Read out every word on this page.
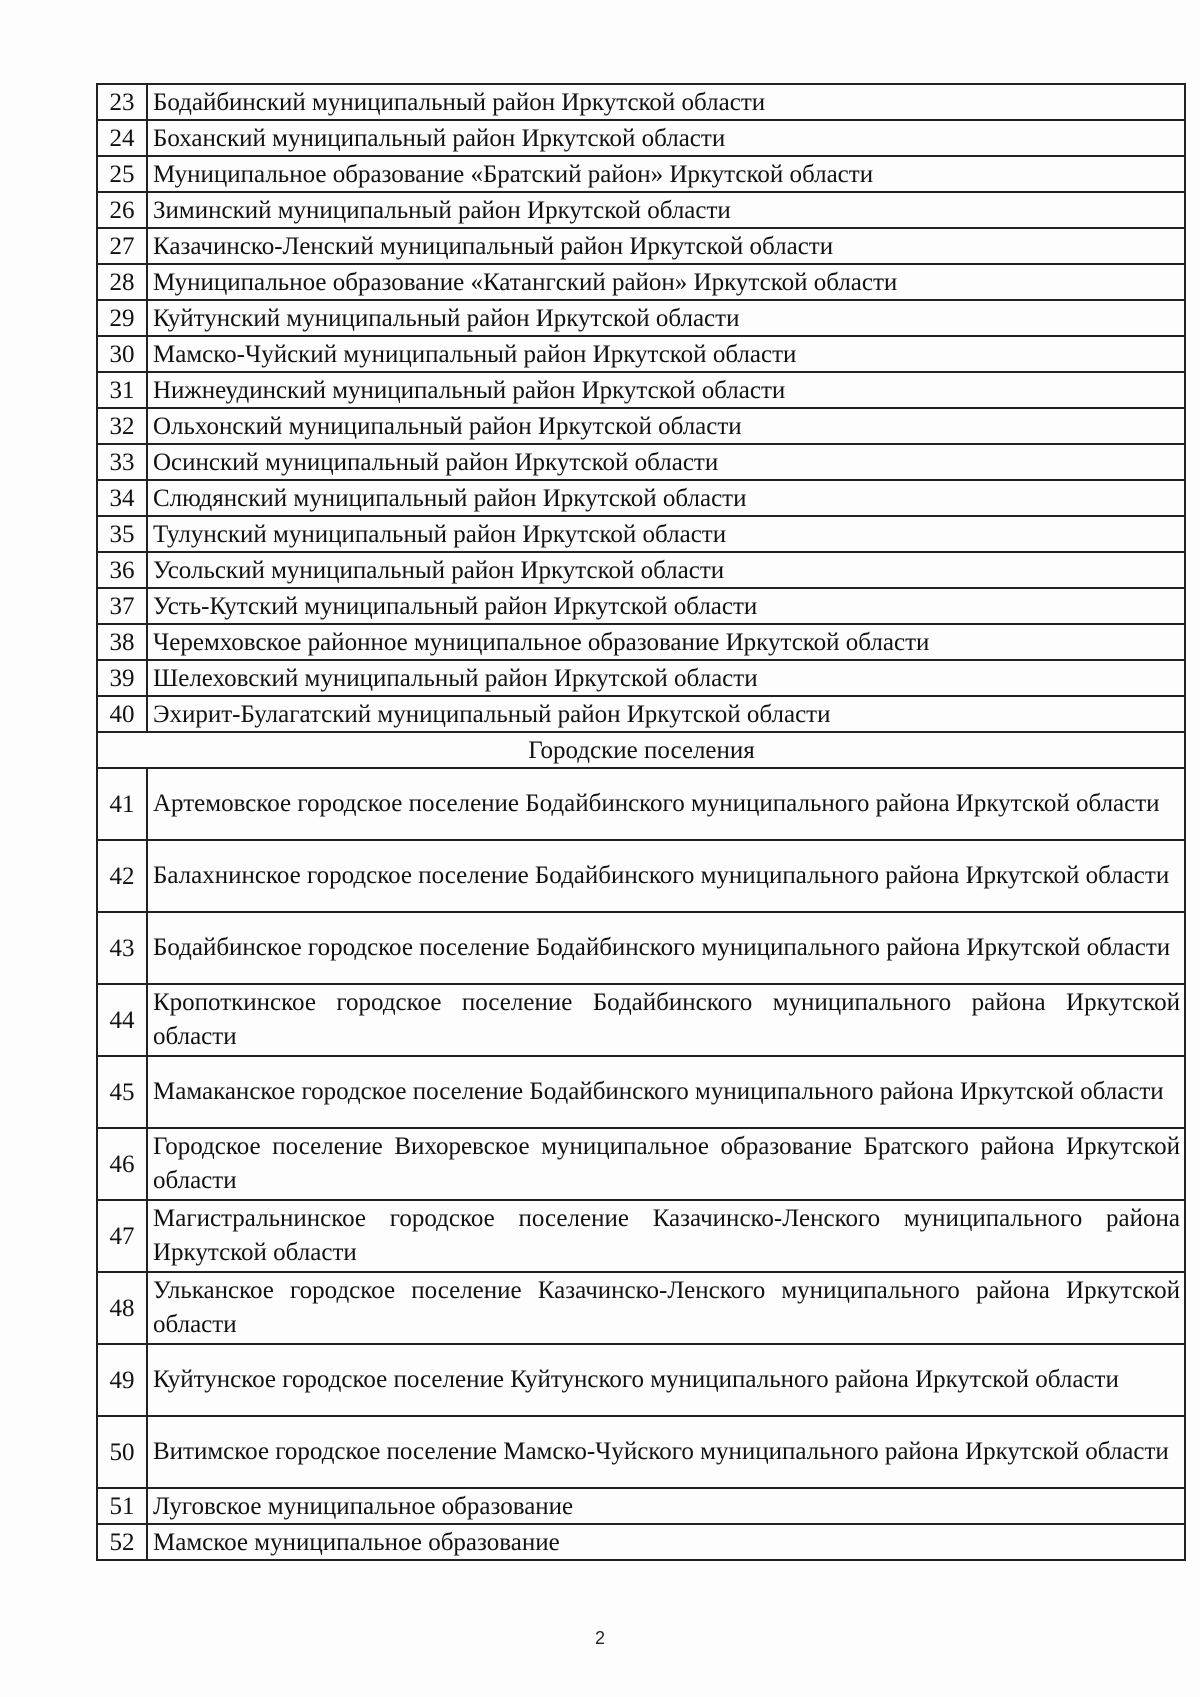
23	Бодайбинский муниципальный район Иркутской области
24	Боханский муниципальный район Иркутской области
25	Муниципальное образование «Братский район» Иркутской области
26	Зиминский муниципальный район Иркутской области
27	Казачинско-Ленский муниципальный район Иркутской области
28	Муниципальное образование «Катангский район» Иркутской области
29	Куйтунский муниципальный район Иркутской области
30	Мамско-Чуйский муниципальный район Иркутской области
31	Нижнеудинский муниципальный район Иркутской области
32	Ольхонский муниципальный район Иркутской области
33	Осинский муниципальный район Иркутской области
34	Слюдянский муниципальный район Иркутской области
35	Тулунский муниципальный район Иркутской области
36	Усольский муниципальный район Иркутской области
37	Усть-Кутский муниципальный район Иркутской области
38	Черемховское районное муниципальное образование Иркутской области
39	Шелеховский муниципальный район Иркутской области
40	Эхирит-Булагатский муниципальный район Иркутской области
Городские поселения	
41	Артемовское городское поселение Бодайбинского муниципального района Иркутской области
42	Балахнинское городское поселение Бодайбинского муниципального района Иркутской области
43	Бодайбинское городское поселение Бодайбинского муниципального района Иркутской области
44	Кропоткинское городское поселение Бодайбинского муниципального района Иркутской области
45	Мамаканское городское поселение Бодайбинского муниципального района Иркутской области
46	Городское поселение Вихоревское муниципальное образование Братского района Иркутской области
47	Магистральнинское городское поселение Казачинско-Ленского муниципального района Иркутской области
48	Ульканское городское поселение Казачинско-Ленского муниципального района Иркутской области
49	Куйтунское городское поселение Куйтунского муниципального района Иркутской области
50	Витимское городское поселение Мамско-Чуйского муниципального района Иркутской области
51	Луговское муниципальное образование
52	Мамское муниципальное образование
2
